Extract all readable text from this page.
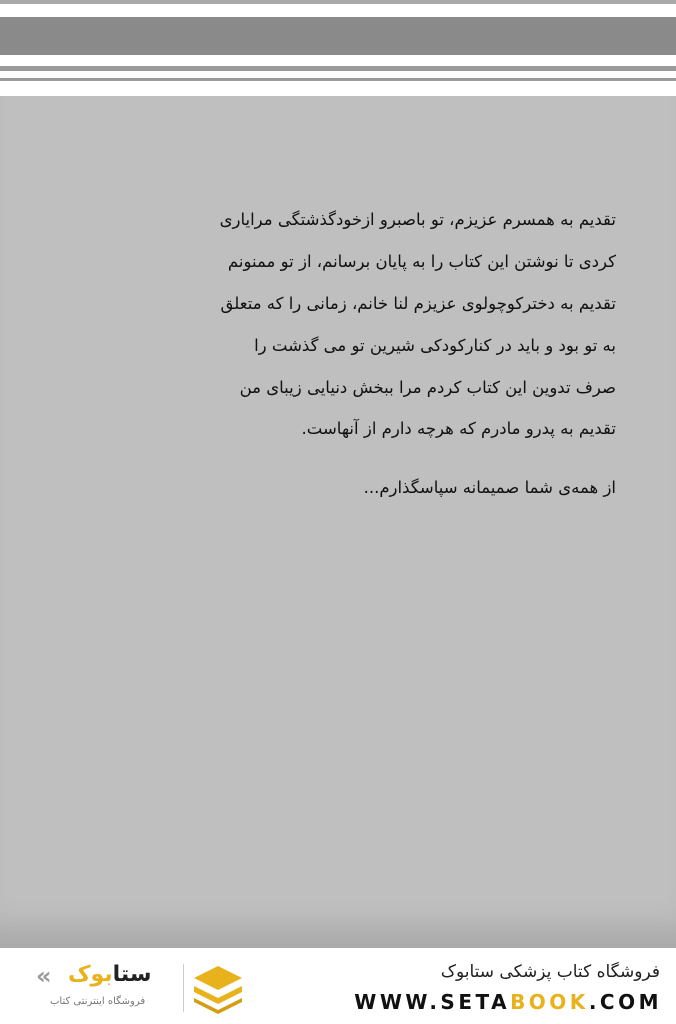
تقدیم به همسرم عزیزم، تو باصبرو ازخودگذشتگی مرایاری
کردی تا نوشتن این کتاب را به پایان برسانم، از تو ممنونم
تقدیم به دخترکوچولوی عزیزم لنا خانم، زمانی را که متعلق
به تو بود و باید در کنارکودکی شیرین تو می گذشت را
صرف تدوین این کتاب کردم مرا ببخش دنیایی زیبای من
تقدیم به پدرو مادرم که هرچه دارم از آنهاست.
از همه‌ی شما صمیمانه سپاسگذارم...
«	ستابوک
فروشگاه اینترنتی کتاب
فروشگاه کتاب پزشکی ستابوک
WWW.SETABOOK.COM
